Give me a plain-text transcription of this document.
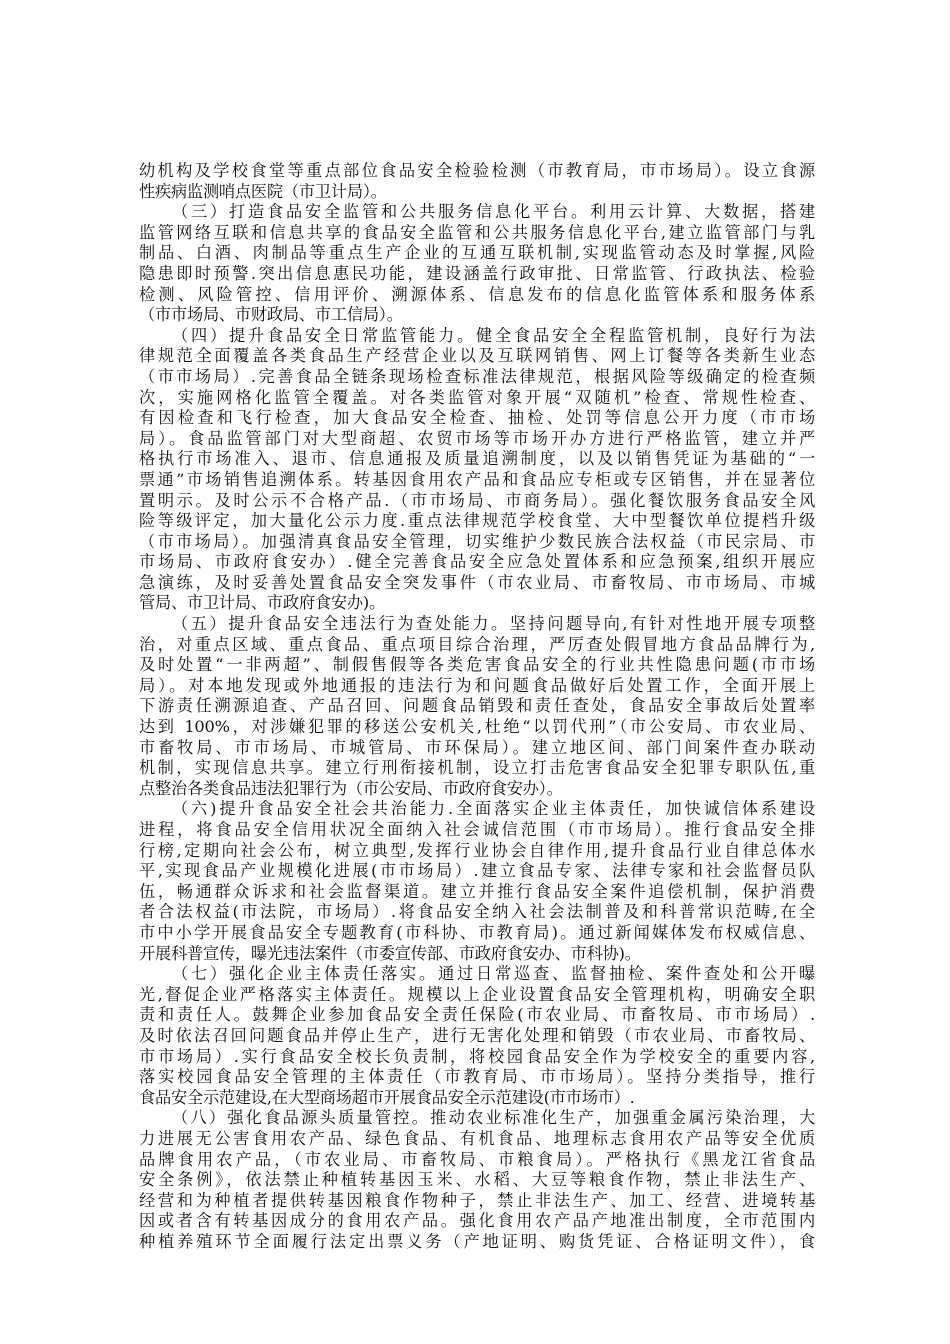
幼机构及学校食堂等重点部位食品安全检验检测（市教育局，市市场局）。设立食源
性疾病监测哨点医院（市卫计局）。
（三）打造食品安全监管和公共服务信息化平台。利用云计算、大数据，搭建
监管网络互联和信息共享的食品安全监管和公共服务信息化平台,建立监管部门与乳
制品、白酒、肉制品等重点生产企业的互通互联机制,实现监管动态及时掌握,风险
隐患即时预警.突出信息惠民功能，建设涵盖行政审批、日常监管、行政执法、检验
检测、风险管控、信用评价、溯源体系、信息发布的信息化监管体系和服务体系
（市市场局、市财政局、市工信局）。
（四）提升食品安全日常监管能力。健全食品安全全程监管机制，良好行为法
律规范全面覆盖各类食品生产经营企业以及互联网销售、网上订餐等各类新生业态
（市市场局）.完善食品全链条现场检查标准法律规范，根据风险等级确定的检查频
次，实施网格化监管全覆盖。对各类监管对象开展“双随机”检查、常规性检查、
有因检查和飞行检查，加大食品安全检查、抽检、处罚等信息公开力度（市市场
局）。食品监管部门对大型商超、农贸市场等市场开办方进行严格监管，建立并严
格执行市场准入、退市、信息通报及质量追溯制度，以及以销售凭证为基础的“一
票通”市场销售追溯体系。转基因食用农产品和食品应专柜或专区销售，并在显著位
置明示。及时公示不合格产品.（市市场局、市商务局）。强化餐饮服务食品安全风
险等级评定，加大量化公示力度.重点法律规范学校食堂、大中型餐饮单位提档升级
（市市场局）。加强清真食品安全管理，切实维护少数民族合法权益（市民宗局、市
市场局、市政府食安办）.健全完善食品安全应急处置体系和应急预案,组织开展应
急演练，及时妥善处置食品安全突发事件（市农业局、市畜牧局、市市场局、市城
管局、市卫计局、市政府食安办)。
（五）提升食品安全违法行为查处能力。坚持问题导向,有针对性地开展专项整
治，对重点区域、重点食品、重点项目综合治理，严厉查处假冒地方食品品牌行为,
及时处置“一非两超”、制假售假等各类危害食品安全的行业共性隐患问题(市市场
局）。对本地发现或外地通报的违法行为和问题食品做好后处置工作，全面开展上
下游责任溯源追查、产品召回、问题食品销毁和责任查处，食品安全事故后处置率
达到 100%，对涉嫌犯罪的移送公安机关,杜绝“以罚代刑”（市公安局、市农业局、
市畜牧局、市市场局、市城管局、市环保局）。建立地区间、部门间案件查办联动
机制，实现信息共享。建立行刑衔接机制，设立打击危害食品安全犯罪专职队伍,重
点整治各类食品违法犯罪行为（市公安局、市政府食安办）。
（六)提升食品安全社会共治能力.全面落实企业主体责任，加快诚信体系建设
进程，将食品安全信用状况全面纳入社会诚信范围（市市场局）。推行食品安全排
行榜,定期向社会公布，树立典型,发挥行业协会自律作用,提升食品行业自律总体水
平,实现食品产业规模化进展(市市场局）.建立食品专家、法律专家和社会监督员队
伍，畅通群众诉求和社会监督渠道。建立并推行食品安全案件追偿机制，保护消费
者合法权益(市法院，市场局）.将食品安全纳入社会法制普及和科普常识范畴,在全
市中小学开展食品安全专题教育(市科协、市教育局)。通过新闻媒体发布权威信息、
开展科普宣传，曝光违法案件（市委宣传部、市政府食安办、市科协)。
（七）强化企业主体责任落实。通过日常巡查、监督抽检、案件查处和公开曝
光,督促企业严格落实主体责任。规模以上企业设置食品安全管理机构，明确安全职
责和责任人。鼓舞企业参加食品安全责任保险(市农业局、市畜牧局、市市场局）.
及时依法召回问题食品并停止生产，进行无害化处理和销毁（市农业局、市畜牧局、
市市场局）.实行食品安全校长负责制，将校园食品安全作为学校安全的重要内容,
落实校园食品安全管理的主体责任（市教育局、市市场局）。坚持分类指导，推行
食品安全示范建设,在大型商场超市开展食品安全示范建设(市市场市）.
（八）强化食品源头质量管控。推动农业标准化生产，加强重金属污染治理，大
力进展无公害食用农产品、绿色食品、有机食品、地理标志食用农产品等安全优质
品牌食用农产品，（市农业局、市畜牧局、市粮食局）。严格执行《黑龙江省食品
安全条例》，依法禁止种植转基因玉米、水稻、大豆等粮食作物，禁止非法生产、
经营和为种植者提供转基因粮食作物种子，禁止非法生产、加工、经营、进境转基
因或者含有转基因成分的食用农产品。强化食用农产品产地准出制度，全市范围内
种植养殖环节全面履行法定出票义务（产地证明、购货凭证、合格证明文件），食
